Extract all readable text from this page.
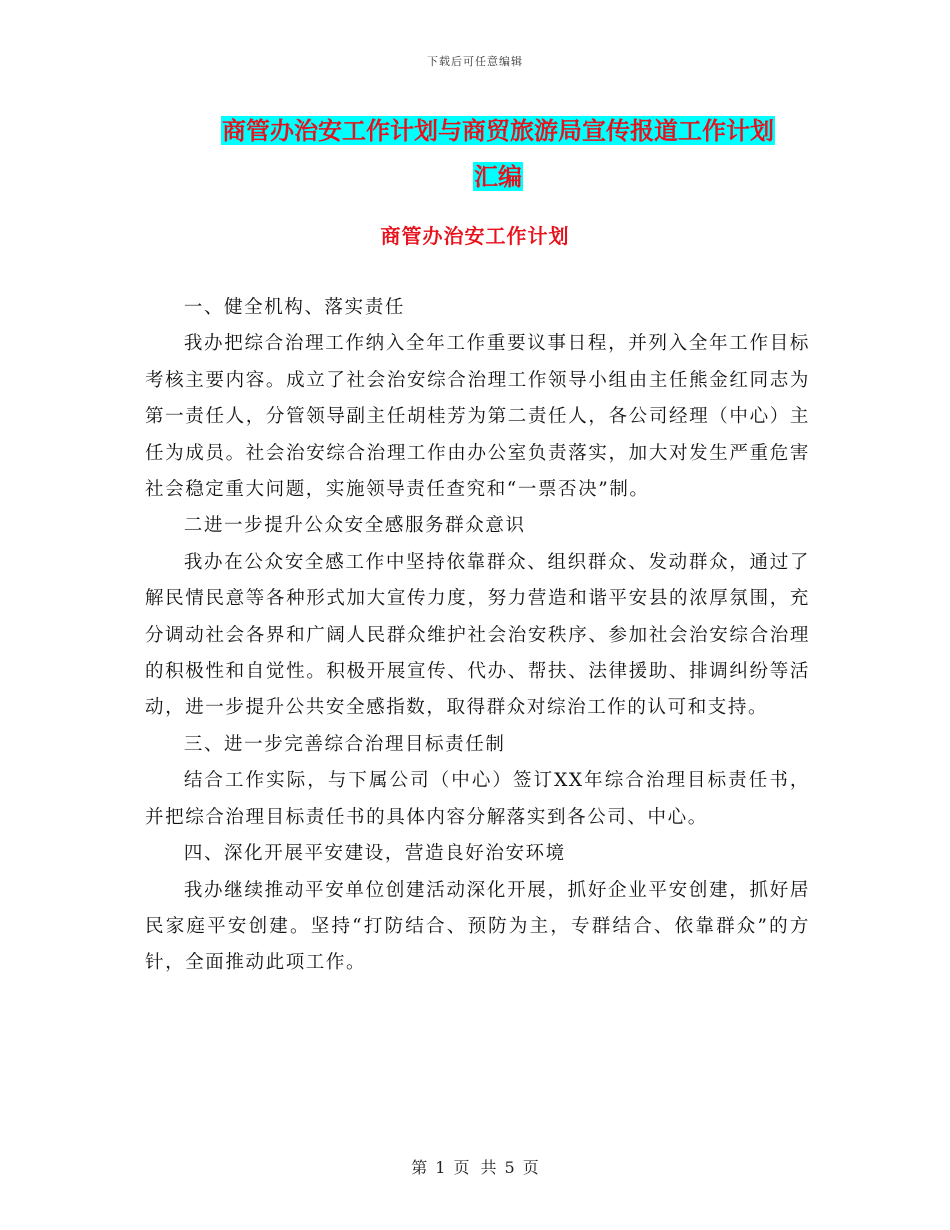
下载后可任意编辑
商管办治安工作计划与商贸旅游局宣传报道工作计划
汇编
商管办治安工作计划

一、健全机构、落实责任

我办把综合治理工作纳入全年工作重要议事日程，并列入全年工作目标考核主要内容。成立了社会治安综合治理工作领导小组由主任熊金红同志为第一责任人，分管领导副主任胡桂芳为第二责任人，各公司经理（中心）主任为成员。社会治安综合治理工作由办公室负责落实，加大对发生严重危害社会稳定重大问题，实施领导责任查究和“一票否决”制。

二进一步提升公众安全感服务群众意识

我办在公众安全感工作中坚持依靠群众、组织群众、发动群众，通过了解民情民意等各种形式加大宣传力度，努力营造和谐平安县的浓厚氛围，充分调动社会各界和广阔人民群众维护社会治安秩序、参加社会治安综合治理的积极性和自觉性。积极开展宣传、代办、帮扶、法律援助、排调纠纷等活动，进一步提升公共安全感指数，取得群众对综治工作的认可和支持。

三、进一步完善综合治理目标责任制

结合工作实际，与下属公司（中心）签订XX年综合治理目标责任书，并把综合治理目标责任书的具体内容分解落实到各公司、中心。

四、深化开展平安建设，营造良好治安环境

我办继续推动平安单位创建活动深化开展，抓好企业平安创建，抓好居民家庭平安创建。坚持“打防结合、预防为主，专群结合、依靠群众”的方针，全面推动此项工作。

第 1 页 共 5 页
